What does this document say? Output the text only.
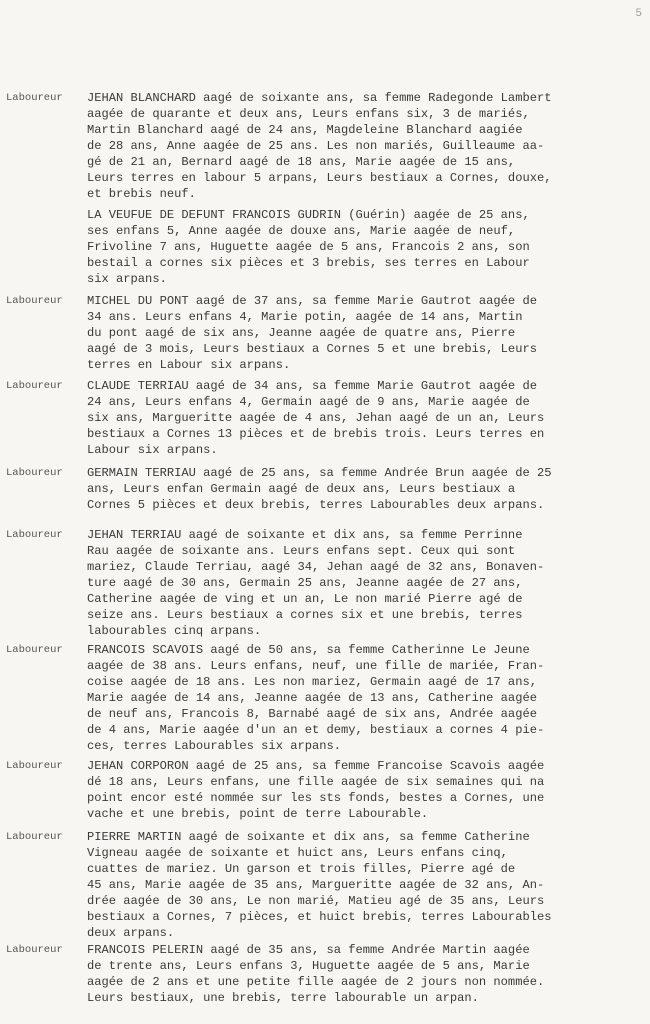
5
Laboureur JEHAN BLANCHARD aagé de soixante ans, sa femme Radegonde Lambert
aagée de quarante et deux ans, Leurs enfans six, 3 de mariés,
Martin Blanchard aagé de 24 ans, Magdeleine Blanchard aagiée
de 28 ans, Anne aagée de 25 ans. Les non mariés, Guilleaume aa-
gé de 21 an, Bernard aagé de 18 ans, Marie aagée de 15 ans,
Leurs terres en labour 5 arpans, Leurs bestiaux a Cornes, douxe,
et brebis neuf.
LA VEUFUE DE DEFUNT FRANCOIS GUDRIN (Guérin) aagée de 25 ans,
ses enfans 5, Anne aagée de douxe ans, Marie aagée de neuf,
Frivoline 7 ans, Huguette aagée de 5 ans, Francois 2 ans, son
bestail a cornes six pièces et 3 brebis, ses terres en Labour
six arpans.
Laboureur MICHEL DU PONT aagé de 37 ans, sa femme Marie Gautrot aagée de
34 ans. Leurs enfans 4, Marie potin, aagée de 14 ans, Martin
du pont aagé de six ans, Jeanne aagée de quatre ans, Pierre
aagé de 3 mois, Leurs bestiaux a Cornes 5 et une brebis, Leurs
terres en Labour six arpans.
Laboureur CLAUDE TERRIAU aagé de 34 ans, sa femme Marie Gautrot aagée de
24 ans, Leurs enfans 4, Germain aagé de 9 ans, Marie aagée de
six ans, Margueritte aagée de 4 ans, Jehan aagé de un an, Leurs
bestiaux a Cornes 13 pièces et de brebis trois. Leurs terres en
Labour six arpans.
Laboureur GERMAIN TERRIAU aagé de 25 ans, sa femme Andrée Brun aagée de 25
ans, Leurs enfan Germain aagé de deux ans, Leurs bestiaux a
Cornes 5 pièces et deux brebis, terres Labourables deux arpans.
Laboureur JEHAN TERRIAU aagé de soixante et dix ans, sa femme Perrinne
Rau aagée de soixante ans. Leurs enfans sept. Ceux qui sont
mariez, Claude Terriau, aagé 34, Jehan aagé de 32 ans, Bonaven-
ture aagé de 30 ans, Germain 25 ans, Jeanne aagée de 27 ans,
Catherine aagée de ving et un an, Le non marié Pierre agé de
seize ans. Leurs bestiaux a cornes six et une brebis, terres
labourables cinq arpans.
Laboureur FRANCOIS SCAVOIS aagé de 50 ans, sa femme Catherinne Le Jeune
aagée de 38 ans. Leurs enfans, neuf, une fille de mariée, Fran-
coise aagée de 18 ans. Les non mariez, Germain aagé de 17 ans,
Marie aagée de 14 ans, Jeanne aagée de 13 ans, Catherine aagée
de neuf ans, Francois 8, Barnabé aagé de six ans, Andrée aagée
de 4 ans, Marie aagée d'un an et demy, bestiaux a cornes 4 pie-
ces, terres Labourables six arpans.
Laboureur JEHAN CORPORON aagé de 25 ans, sa femme Francoise Scavois aagée
dé 18 ans, Leurs enfans, une fille aagée de six semaines qui na
point encor esté nommée sur les sts fonds, bestes a Cornes, une
vache et une brebis, point de terre Labourable.
Laboureur PIERRE MARTIN aagé de soixante et dix ans, sa femme Catherine
Vigneau aagée de soixante et huict ans, Leurs enfans cinq,
cuattes de mariez. Un garson et trois filles, Pierre agé de
45 ans, Marie aagée de 35 ans, Margueritte aagée de 32 ans, An-
drée aagée de 30 ans, Le non marié, Matieu agé de 35 ans, Leurs
bestiaux a Cornes, 7 pièces, et huict brebis, terres Labourables
deux arpans.
Laboureur FRANCOIS PELERIN aagé de 35 ans, sa femme Andrée Martin aagée
de trente ans, Leurs enfans 3, Huguette aagée de 5 ans, Marie
aagée de 2 ans et une petite fille aagée de 2 jours non nommée.
Leurs bestiaux, une brebis, terre labourable un arpan.
